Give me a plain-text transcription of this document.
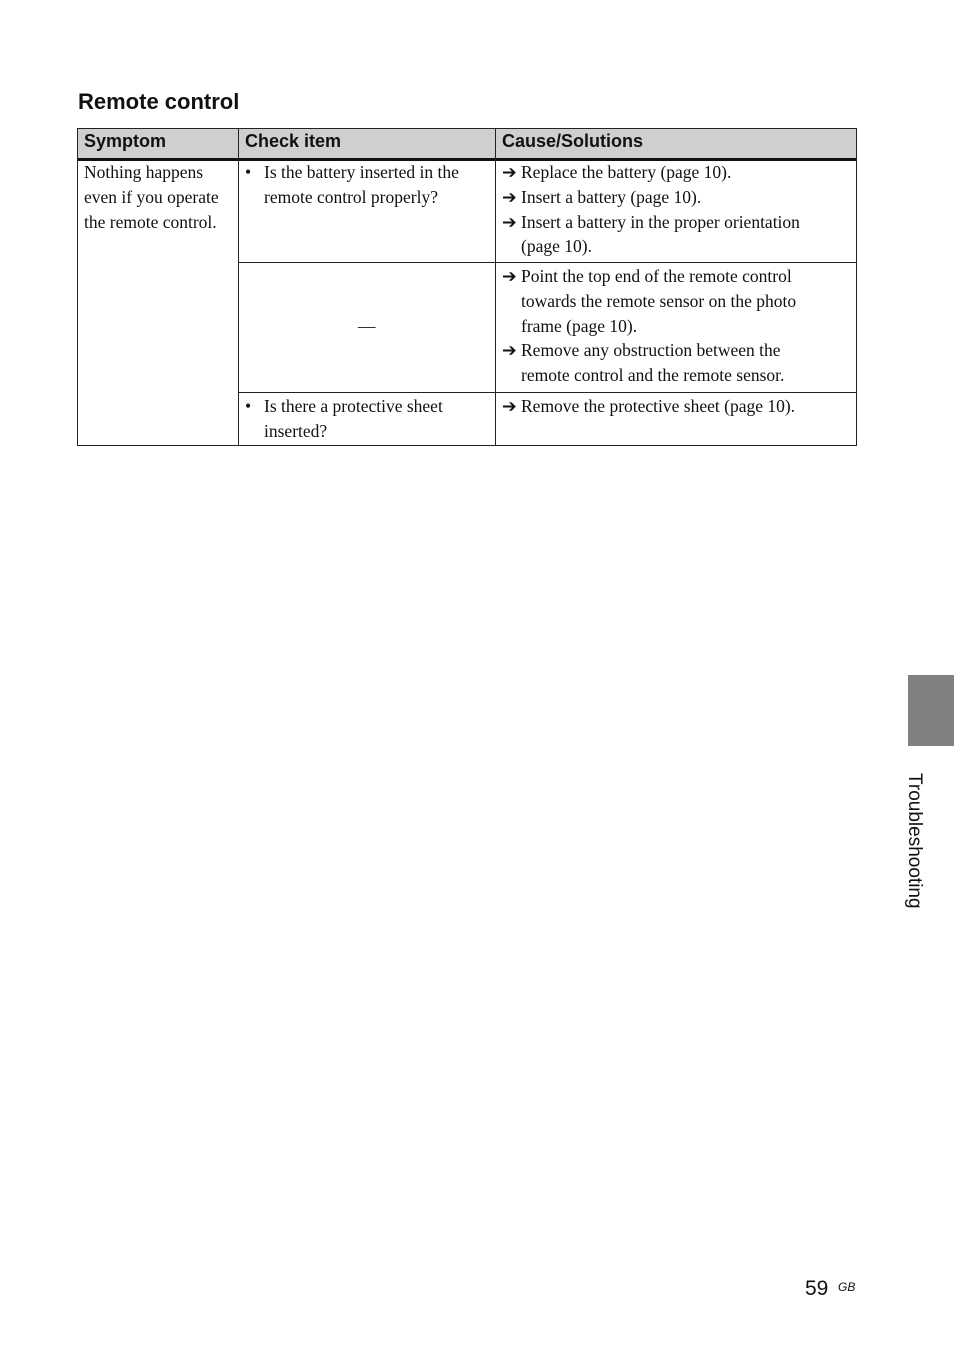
Remote control
Symptom	Check item	Cause/Solutions
Nothing happens
even if you operate
the remote control.
• Is the battery inserted in the
remote control properly?
➔ Replace the battery (page 10).
➔ Insert a battery (page 10).
➔ Insert a battery in the proper orientation
(page 10).
—
➔ Point the top end of the remote control
towards the remote sensor on the photo
frame (page 10).
➔ Remove any obstruction between the
remote control and the remote sensor.
• Is there a protective sheet
inserted?
➔ Remove the protective sheet (page 10).
Troubleshooting
59 GB
